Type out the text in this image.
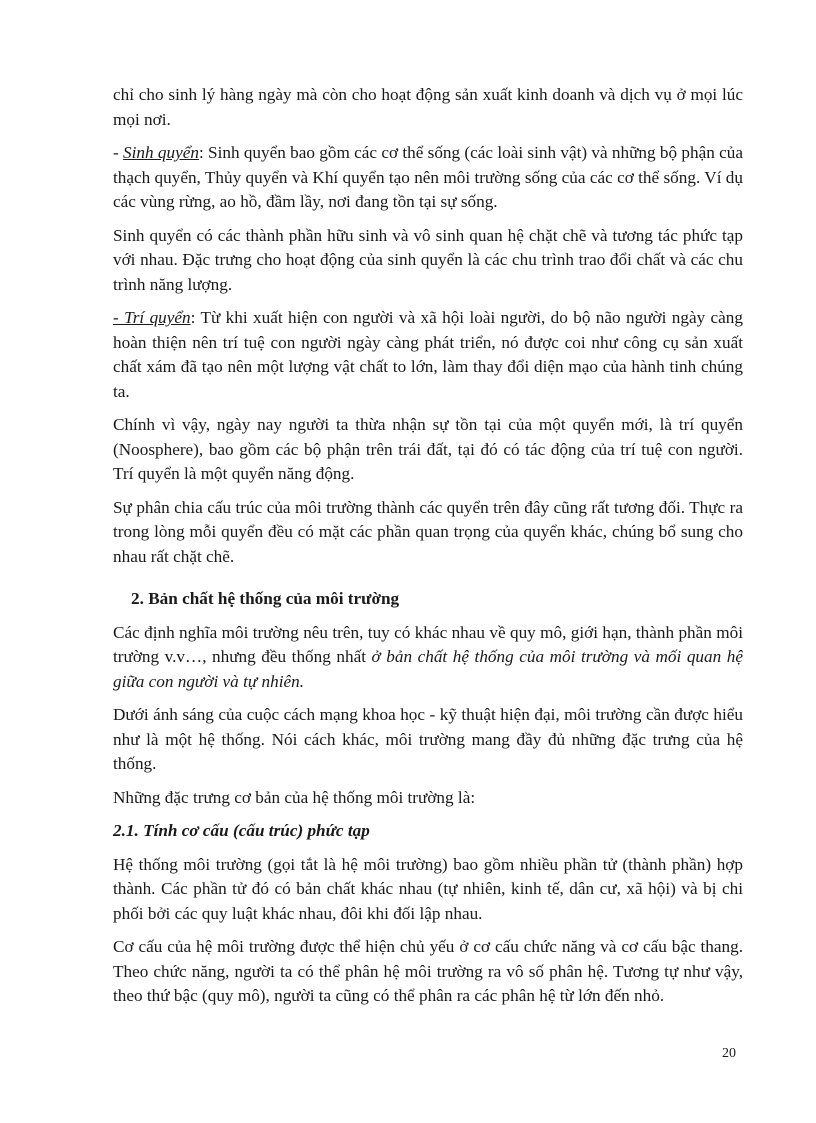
chỉ cho sinh lý hàng ngày mà còn cho hoạt động sản xuất kinh doanh và dịch vụ ở mọi lúc mọi nơi.

- Sinh quyển: Sinh quyển bao gồm các cơ thể sống (các loài sinh vật) và những bộ phận của thạch quyển, Thủy quyển và Khí quyển tạo nên môi trường sống của các cơ thể sống. Ví dụ các vùng rừng, ao hồ, đầm lầy, nơi đang tồn tại sự sống.

Sinh quyển có các thành phần hữu sinh và vô sinh quan hệ chặt chẽ và tương tác phức tạp với nhau. Đặc trưng cho hoạt động của sinh quyển là các chu trình trao đổi chất và các chu trình năng lượng.

- Trí quyển: Từ khi xuất hiện con người và xã hội loài người, do bộ não người ngày càng hoàn thiện nên trí tuệ con người ngày càng phát triển, nó được coi như công cụ sản xuất chất xám đã tạo nên một lượng vật chất to lớn, làm thay đổi diện mạo của hành tinh chúng ta.

Chính vì vậy, ngày nay người ta thừa nhận sự tồn tại của một quyển mới, là trí quyển (Noosphere), bao gồm các bộ phận trên trái đất, tại đó có tác động của trí tuệ con người. Trí quyển là một quyển năng động.

Sự phân chia cấu trúc của môi trường thành các quyển trên đây cũng rất tương đối. Thực ra trong lòng mỗi quyển đều có mặt các phần quan trọng của quyển khác, chúng bổ sung cho nhau rất chặt chẽ.

2. Bản chất hệ thống của môi trường

Các định nghĩa môi trường nêu trên, tuy có khác nhau về quy mô, giới hạn, thành phần môi trường v.v…, nhưng đều thống nhất ở bản chất hệ thống của môi trường và mối quan hệ giữa con người và tự nhiên.

Dưới ánh sáng của cuộc cách mạng khoa học - kỹ thuật hiện đại, môi trường cần được hiểu như là một hệ thống. Nói cách khác, môi trường mang đầy đủ những đặc trưng của hệ thống.

Những đặc trưng cơ bản của hệ thống môi trường là:

2.1. Tính cơ cấu (cấu trúc) phức tạp

Hệ thống môi trường (gọi tắt là hệ môi trường) bao gồm nhiều phần tử (thành phần) hợp thành. Các phần tử đó có bản chất khác nhau (tự nhiên, kinh tế, dân cư, xã hội) và bị chi phối bởi các quy luật khác nhau, đôi khi đối lập nhau.

Cơ cấu của hệ môi trường được thể hiện chủ yếu ở cơ cấu chức năng và cơ cấu bậc thang. Theo chức năng, người ta có thể phân hệ môi trường ra vô số phân hệ. Tương tự như vậy, theo thứ bậc (quy mô), người ta cũng có thể phân ra các phân hệ từ lớn đến nhỏ.

20
